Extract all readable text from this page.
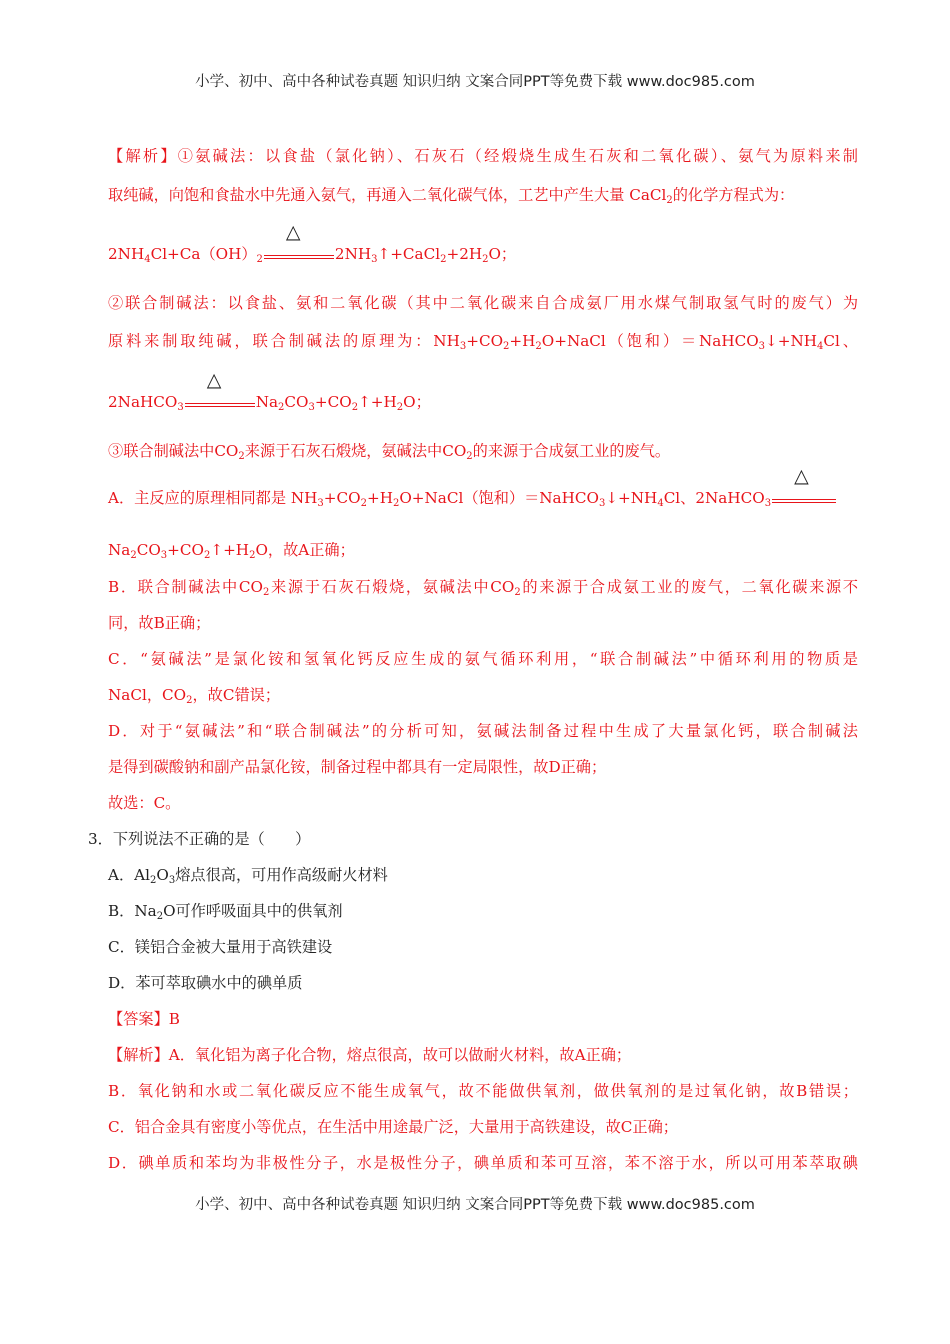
小学、初中、高中各种试卷真题 知识归纳 文案合同PPT等免费下载 www.doc985.com
【解析】①氨碱法：以食盐（氯化钠）、石灰石（经煅烧生成生石灰和二氧化碳）、氨气为原料来制
取纯碱，向饱和食盐水中先通入氨气，再通入二氧化碳气体，工艺中产生大量 CaCl$_2$的化学方程式为：
$2NH_4Cl+Ca(OH)_2$
△
$2NH_3↑+CaCl_2+2H_2O$；
②联合制碱法：以食盐、氨和二氧化碳（其中二氧化碳来自合成氨厂用水煤气制取氢气时的废气）为
原料来制取纯碱，联合制碱法的原理为：$NH_3+CO_2+H_2O+NaCl$（饱和）$=NaHCO_3↓+NH_4Cl$、
2NaHCO$_3$
△
$Na_2CO_3+CO_2↑+H_2O$；
③联合制碱法中$CO_2$来源于石灰石煅烧，氨碱法中$CO_2$的来源于合成氨工业的废气。
A．主反应的原理相同都是 $NH_3+CO_2+H_2O+NaCl$（饱和）$=NaHCO_3↓+NH_4Cl$、2NaHCO$_3$
△
$Na_2CO_3+CO_2↑+H_2O$，故A正确；
B．联合制碱法中$CO_2$来源于石灰石煅烧，氨碱法中$CO_2$的来源于合成氨工业的废气，二氧化碳来源不
同，故B正确；
C．“氨碱法”是氯化铵和氢氧化钙反应生成的氨气循环利用，“联合制碱法”中循环利用的物质是
NaCl，$CO_2$，故C错误；
D．对于“氨碱法”和“联合制碱法”的分析可知，氨碱法制备过程中生成了大量氯化钙，联合制碱法
是得到碳酸钠和副产品氯化铵，制备过程中都具有一定局限性，故D正确；
故选：C。
3．下列说法不正确的是（　　）
A．$Al_2O_3$熔点很高，可用作高级耐火材料
B．$Na_2O$可作呼吸面具中的供氧剂
C．镁铝合金被大量用于高铁建设
D．苯可萃取碘水中的碘单质
【答案】B
【解析】A．氧化铝为离子化合物，熔点很高，故可以做耐火材料，故A正确；
B．氧化钠和水或二氧化碳反应不能生成氧气，故不能做供氧剂，做供氧剂的是过氧化钠，故B错误；
C．铝合金具有密度小等优点，在生活中用途最广泛，大量用于高铁建设，故C正确；
D．碘单质和苯均为非极性分子，水是极性分子，碘单质和苯可互溶，苯不溶于水，所以可用苯萃取碘
小学、初中、高中各种试卷真题 知识归纳 文案合同PPT等免费下载 www.doc985.com
